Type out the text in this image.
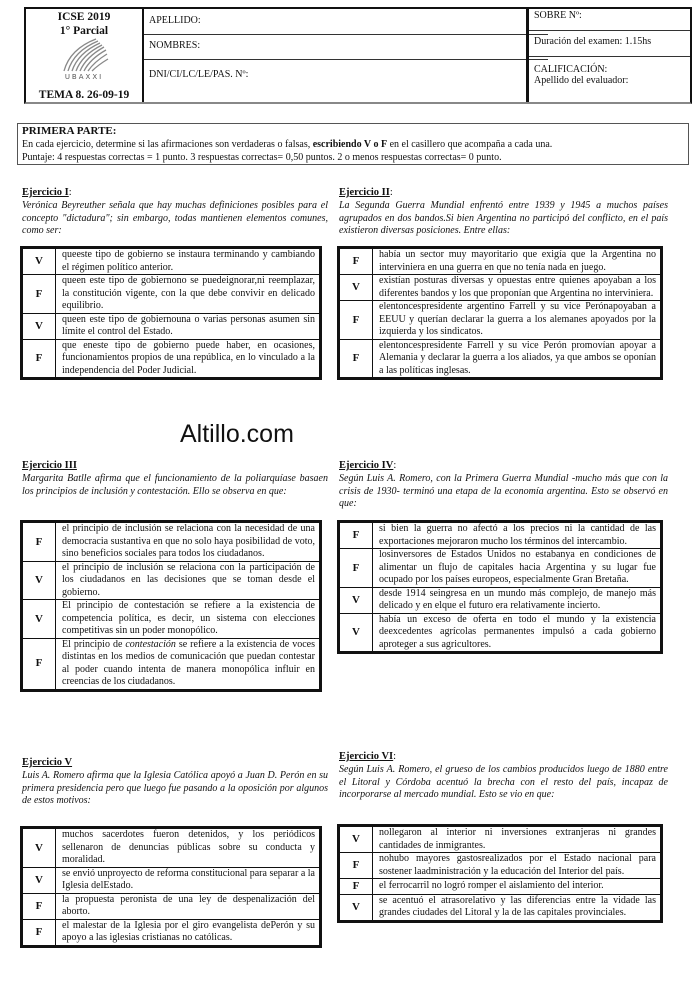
ICSE 2019
1° Parcial
UBAXXI
TEMA 8. 26-09-19
APELLIDO:
NOMBRES:
DNI/CI/LC/LE/PAS. Nº:
SOBRE Nº:
Duración del examen: 1.15hs
CALIFICACIÓN:
Apellido del evaluador:
PRIMERA PARTE:
En cada ejercicio, determine si las afirmaciones son verdaderas o falsas, escribiendo V o F en el casillero que acompaña a cada una.
Puntaje: 4 respuestas correctas = 1 punto. 3 respuestas correctas= 0,50 puntos. 2 o menos respuestas correctas= 0 punto.
Altillo.com
Ejercicio I:
Verónica Beyreuther señala que hay muchas definiciones posibles para el concepto "dictadura"; sin embargo, todas mantienen elementos comunes, como ser:
V	queeste tipo de gobierno se instaura terminando y cambiando el régimen político anterior.
F	queen este tipo de gobiernono se puedeignorar,ni reemplazar, la constitución vigente, con la que debe convivir en delicado equilibrio.
V	queen este tipo de gobiernouna o varias personas asumen sin límite el control del Estado.
F	que eneste tipo de gobierno puede haber, en ocasiones, funcionamientos propios de una república, en lo vinculado a la independencia del Poder Judicial.
Ejercicio II:
La Segunda Guerra Mundial enfrentó entre 1939 y 1945 a muchos países agrupados en dos bandos.Si bien Argentina no participó del conflicto, en el país existieron diversas posiciones. Entre ellas:
F	había un sector muy mayoritario que exigía que la Argentina no interviniera en una guerra en que no tenía nada en juego.
V	existían posturas diversas y opuestas entre quienes apoyaban a los diferentes bandos y los que proponían que Argentina no interviniera.
F	elentoncespresidente argentino Farrell y su vice Perónapoyaban a EEUU y querían declarar la guerra a los alemanes apoyados por la izquierda y los sindicatos.
F	elentoncespresidente Farrell y su vice Perón promovían apoyar a Alemania y declarar la guerra a los aliados, ya que ambos se oponían a las políticas inglesas.
Ejercicio III
Margarita Batlle afirma que el funcionamiento de la poliarquíase basaen los principios de inclusión y contestación. Ello se observa en que:
F	el principio de inclusión se relaciona con la necesidad de una democracia sustantiva en que no solo haya posibilidad de voto, sino beneficios sociales para todos los ciudadanos.
V	el principio de inclusión se relaciona con la participación de los ciudadanos en las decisiones que se toman desde el gobierno.
V	El principio de contestación se refiere a la existencia de competencia política, es decir, un sistema con elecciones competitivas sin un poder monopólico.
F	El principio de contestación se refiere a la existencia de voces distintas en los medios de comunicación que puedan contestar al poder cuando intenta de manera monopólica influir en creencias de los ciudadanos.
Ejercicio IV:
Según Luis A. Romero, con la Primera Guerra Mundial -mucho más que con la crisis de 1930- terminó una etapa de la economía argentina. Esto se observó en que:
F	si bien la guerra no afectó a los precios ni la cantidad de las exportaciones mejoraron mucho los términos del intercambio.
F	losinversores de Estados Unidos no estabanya en condiciones de alimentar un flujo de capitales hacia Argentina y su lugar fue ocupado por los países europeos, especialmente Gran Bretaña.
V	desde 1914 seingresa en un mundo más complejo, de manejo más delicado y en elque el futuro era relativamente incierto.
V	había un exceso de oferta en todo el mundo y la existencia deexcedentes agrícolas permanentes impulsó a cada gobierno aproteger a sus agricultores.
Ejercicio V
Luis A. Romero afirma que la Iglesia Católica apoyó a Juan D. Perón en su primera presidencia pero que luego fue pasando a la oposición por algunos de estos motivos:
V	muchos sacerdotes fueron detenidos, y los periódicos sellenaron de denuncias públicas sobre su conducta y moralidad.
V	se envió unproyecto de reforma constitucional para separar a la Iglesia delEstado.
F	la propuesta peronista de una ley de despenalización del aborto.
F	el malestar de la Iglesia por el giro evangelista dePerón y su apoyo a las iglesias cristianas no católicas.
Ejercicio VI:
Según Luis A. Romero, el grueso de los cambios producidos luego de 1880 entre el Litoral y Córdoba acentuó la brecha con el resto del país, incapaz de incorporarse al mercado mundial. Esto se vio en que:
V	nollegaron al interior ni inversiones extranjeras ni grandes cantidades de inmigrantes.
F	nohubo mayores gastosrealizados por el Estado nacional para sostener laadministración y la educación del Interior del país.
F	el ferrocarril no logró romper el aislamiento del interior.
V	se acentuó el atrasorelativo y las diferencias entre la vidade las grandes ciudades del Litoral y la de las capitales provinciales.
